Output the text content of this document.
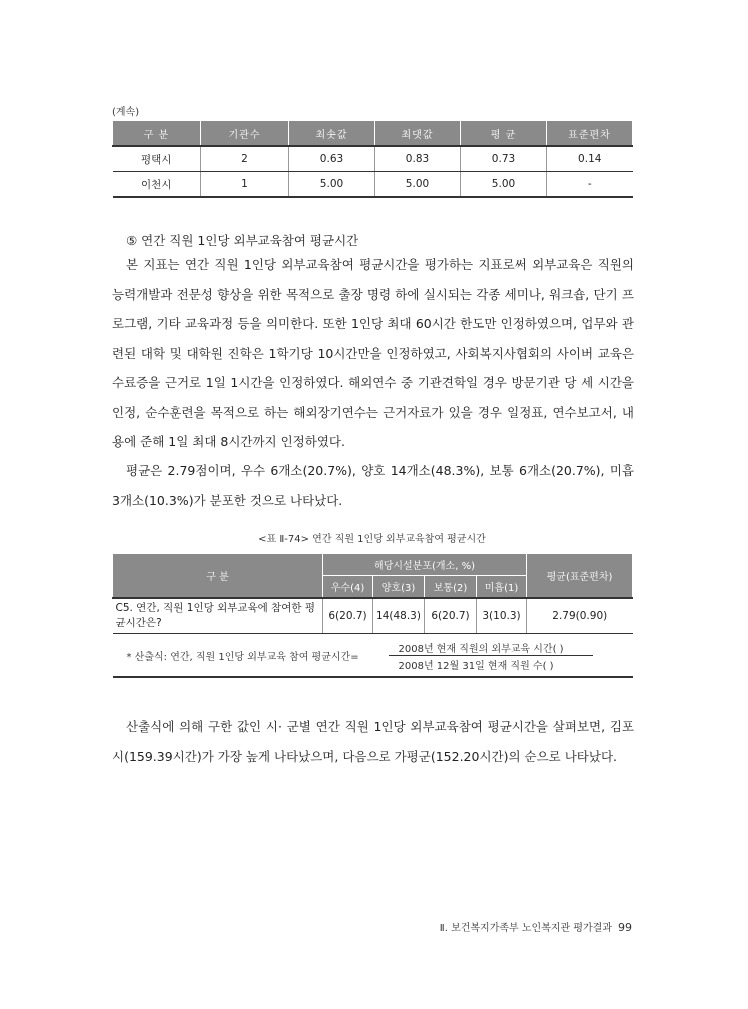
(계속)
구 분	기관수	최솟값	최댓값	평 균	표준편차
평택시	2	0.63	0.83	0.73	0.14
이천시	1	5.00	5.00	5.00	-
⑤ 연간 직원 1인당 외부교육참여 평균시간
본 지표는 연간 직원 1인당 외부교육참여 평균시간을 평가하는 지표로써 외부교육은 직원의 능력개발과 전문성 향상을 위한 목적으로 출장 명령 하에 실시되는 각종 세미나, 워크숍, 단기 프로그램, 기타 교육과정 등을 의미한다. 또한 1인당 최대 60시간 한도만 인정하였으며, 업무와 관련된 대학 및 대학원 진학은 1학기당 10시간만을 인정하였고, 사회복지사협회의 사이버 교육은 수료증을 근거로 1일 1시간을 인정하였다. 해외연수 중 기관견학일 경우 방문기관 당 세 시간을 인정, 순수훈련을 목적으로 하는 해외장기연수는 근거자료가 있을 경우 일정표, 연수보고서, 내용에 준해 1일 최대 8시간까지 인정하였다.
평균은 2.79점이며, 우수 6개소(20.7%), 양호 14개소(48.3%), 보통 6개소(20.7%), 미흡 3개소(10.3%)가 분포한 것으로 나타났다.
<표 Ⅱ-74> 연간 직원 1인당 외부교육참여 평균시간
구 분	해당시설분포(개소, %)				평균(표준편차)
	우수(4)	양호(3)	보통(2)	미흡(1)	
C5. 연간, 직원 1인당 외부교육에 참여한 평균시간은?	6(20.7)	14(48.3)	6(20.7)	3(10.3)	2.79(0.90)

* 산출식: 연간, 직원 1인당 외부교육 참여 평균시간=
2008년 현재 직원의 외부교육 시간( )
2008년 12월 31일 현재 직원 수( )					
산출식에 의해 구한 값인 시· 군별 연간 직원 1인당 외부교육참여 평균시간을 살펴보면, 김포시(159.39시간)가 가장 높게 나타났으며, 다음으로 가평군(152.20시간)의 순으로 나타났다.
Ⅱ. 보건복지가족부 노인복지관 평가결과 99
